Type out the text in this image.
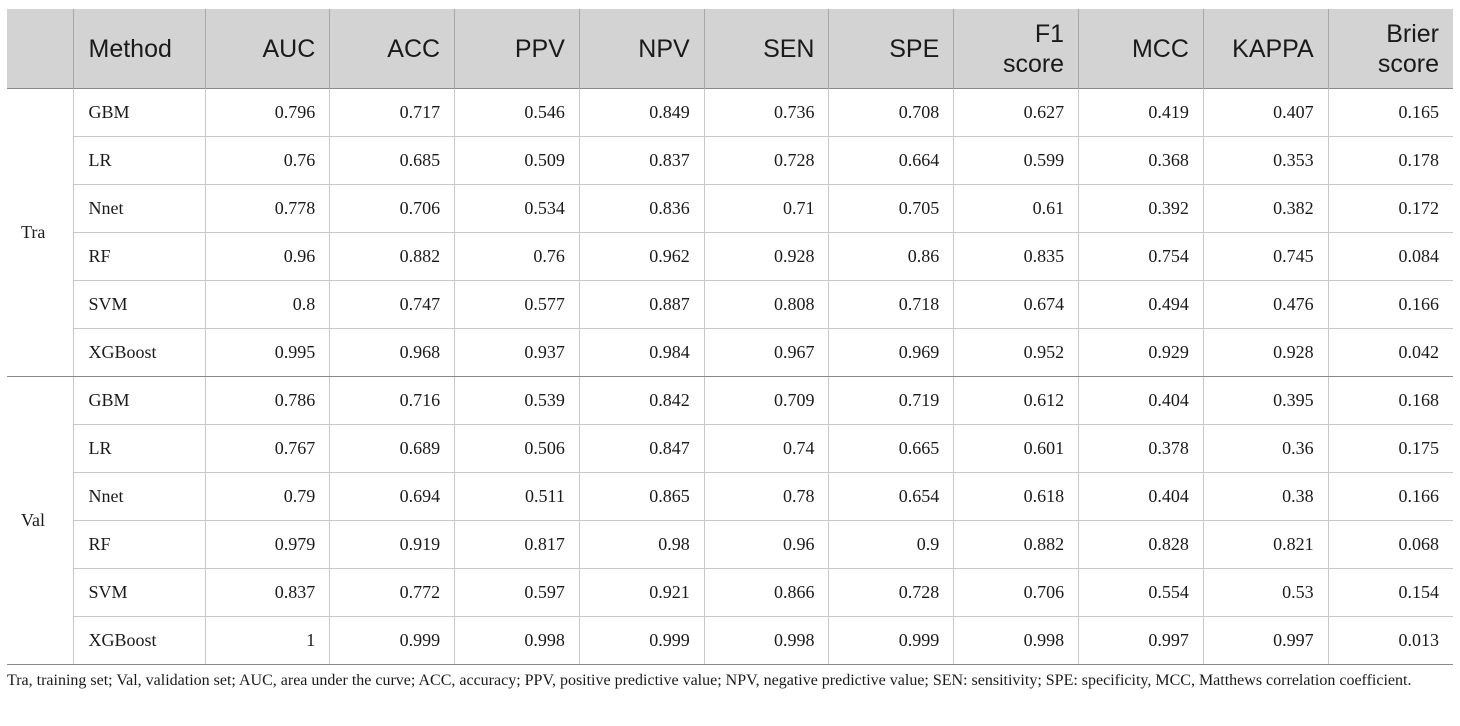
	Method	AUC	ACC	PPV	NPV	SEN	SPE	F1 score	MCC	KAPPA	Brier score
Tra	GBM	0.796	0.717	0.546	0.849	0.736	0.708	0.627	0.419	0.407	0.165
	LR	0.76	0.685	0.509	0.837	0.728	0.664	0.599	0.368	0.353	0.178
	Nnet	0.778	0.706	0.534	0.836	0.71	0.705	0.61	0.392	0.382	0.172
	RF	0.96	0.882	0.76	0.962	0.928	0.86	0.835	0.754	0.745	0.084
	SVM	0.8	0.747	0.577	0.887	0.808	0.718	0.674	0.494	0.476	0.166
	XGBoost	0.995	0.968	0.937	0.984	0.967	0.969	0.952	0.929	0.928	0.042
Val	GBM	0.786	0.716	0.539	0.842	0.709	0.719	0.612	0.404	0.395	0.168
	LR	0.767	0.689	0.506	0.847	0.74	0.665	0.601	0.378	0.36	0.175
	Nnet	0.79	0.694	0.511	0.865	0.78	0.654	0.618	0.404	0.38	0.166
	RF	0.979	0.919	0.817	0.98	0.96	0.9	0.882	0.828	0.821	0.068
	SVM	0.837	0.772	0.597	0.921	0.866	0.728	0.706	0.554	0.53	0.154
	XGBoost	1	0.999	0.998	0.999	0.998	0.999	0.998	0.997	0.997	0.013

Tra, training set; Val, validation set; AUC, area under the curve; ACC, accuracy; PPV, positive predictive value; NPV, negative predictive value; SEN: sensitivity; SPE: specificity, MCC, Matthews correlation coefficient.
